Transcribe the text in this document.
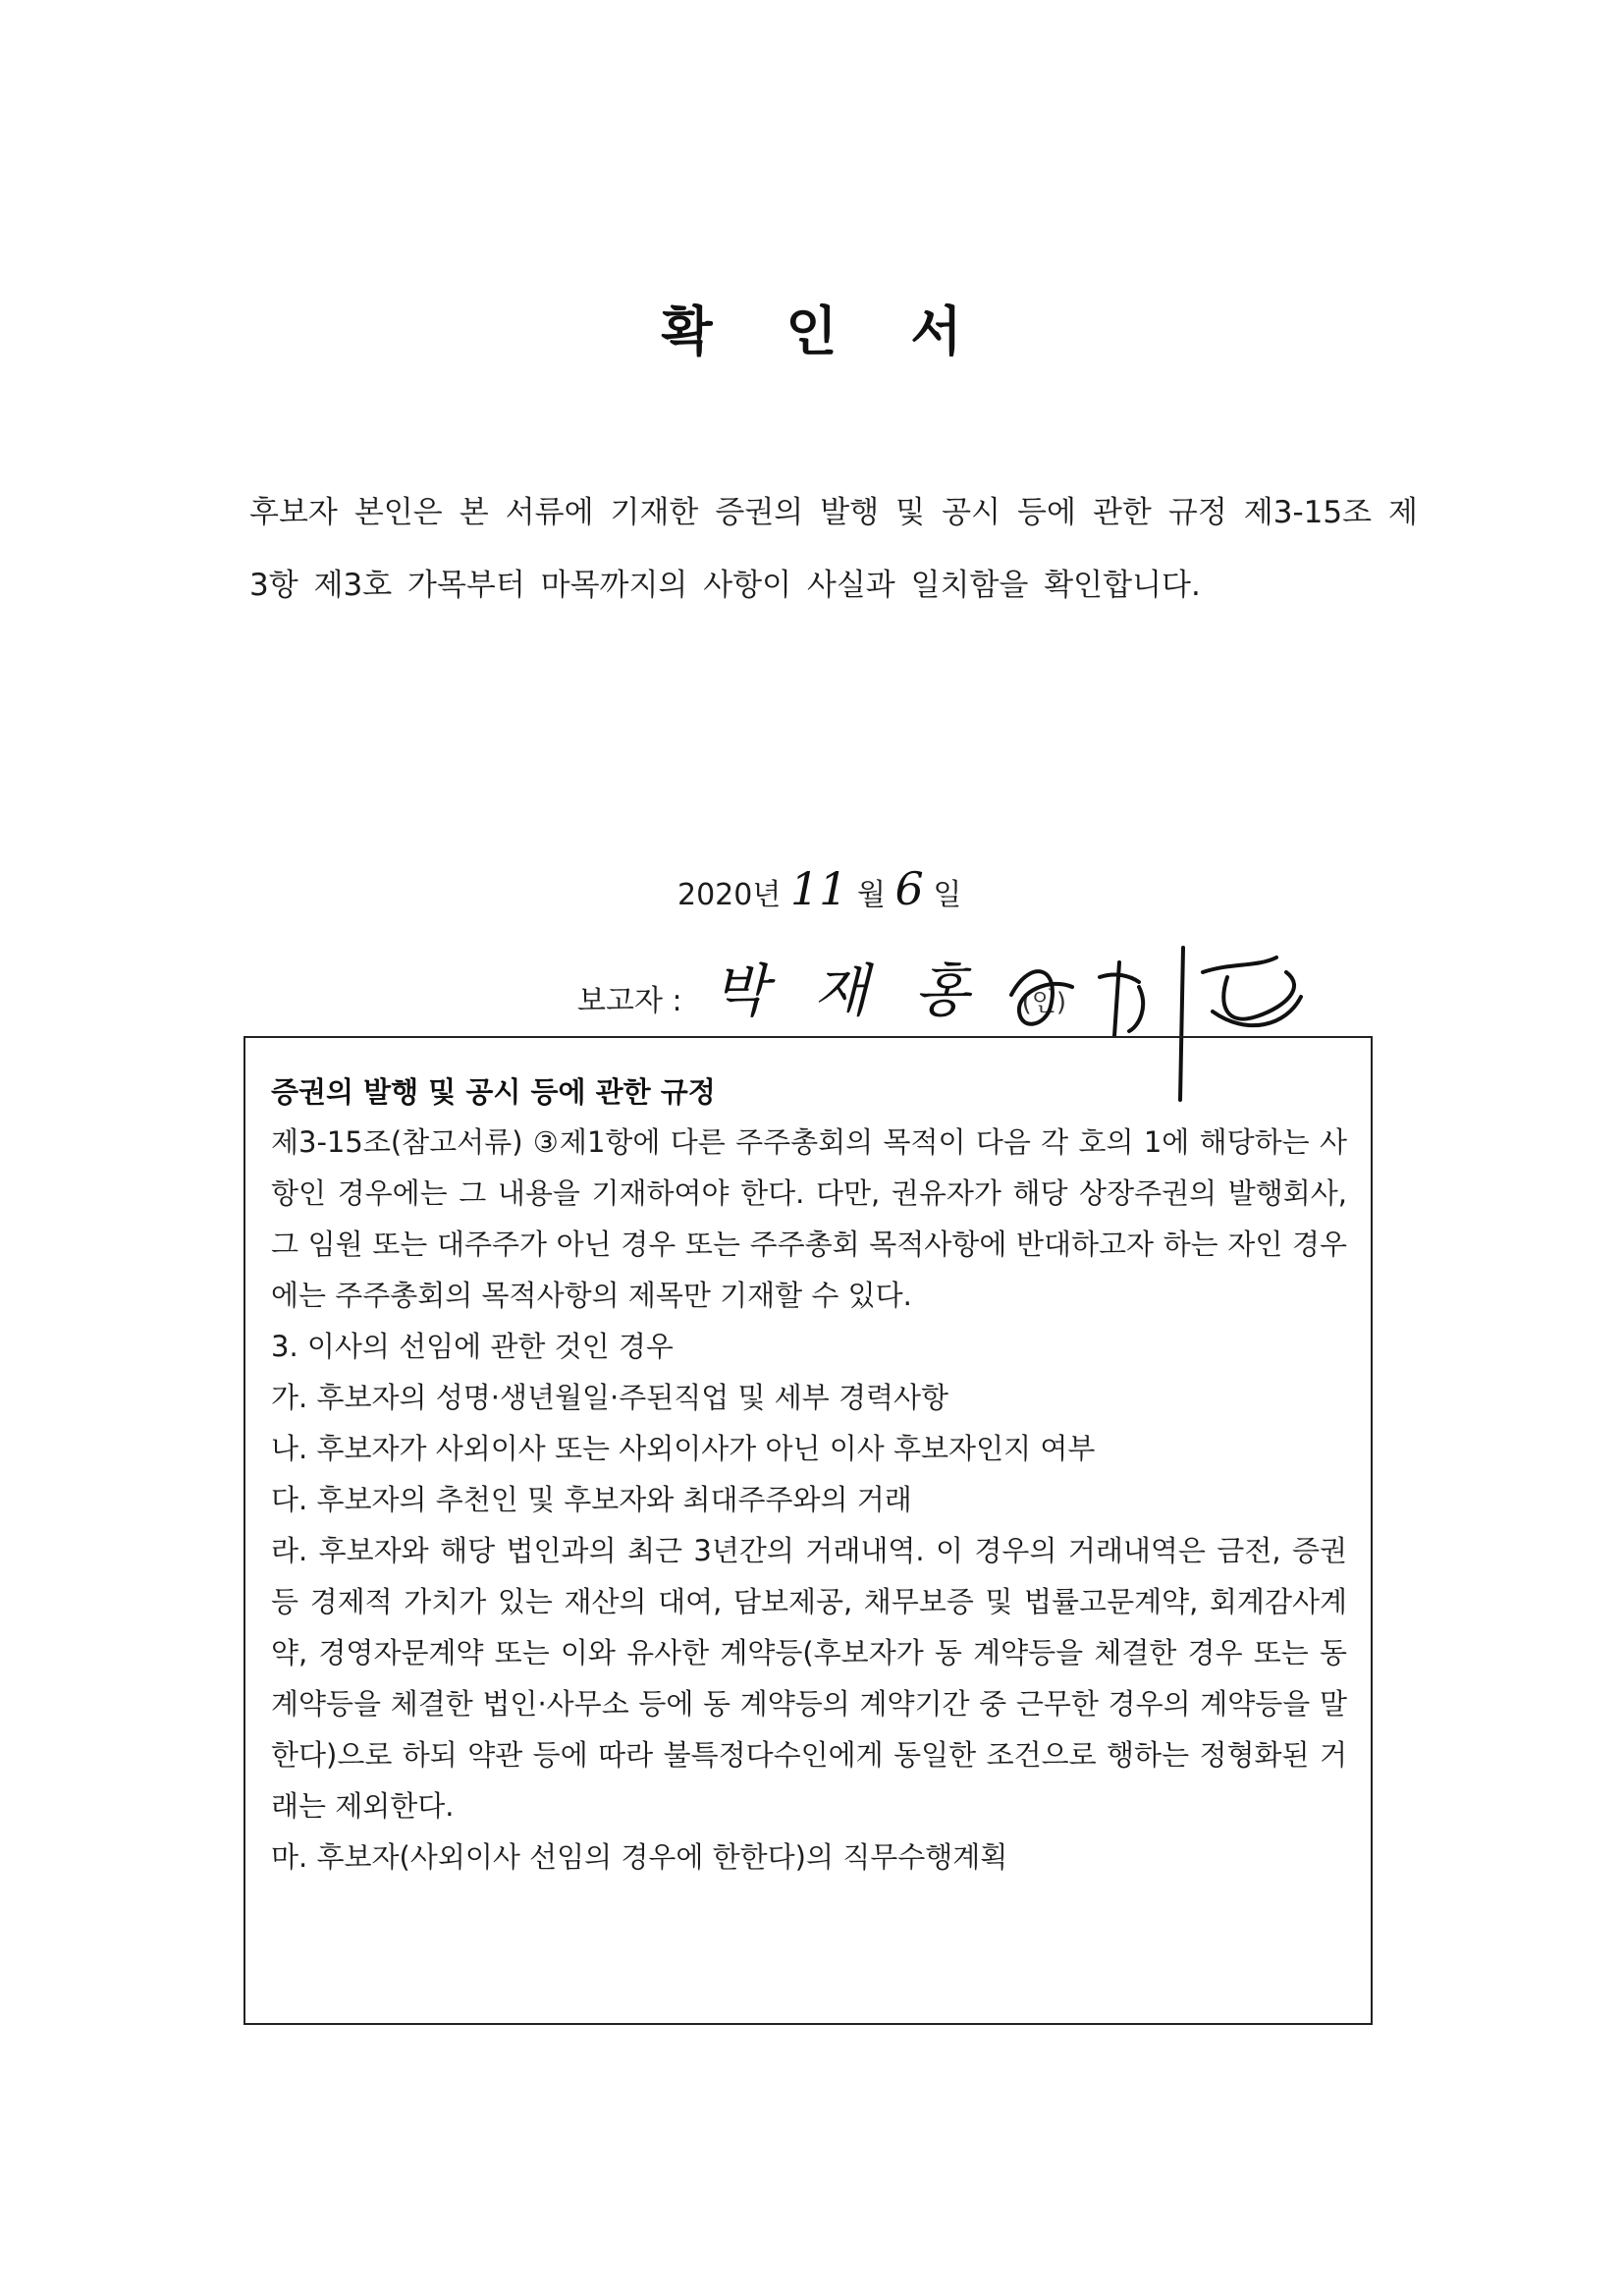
확 인 서
후보자 본인은 본 서류에 기재한 증권의 발행 및 공시 등에 관한 규정 제3-15조 제3항 제3호 가목부터 마목까지의 사항이 사실과 일치함을 확인합니다.
2020년 11 월 6 일
보고자 : 박 재 홍 (인)
증권의 발행 및 공시 등에 관한 규정
제3-15조(참고서류) ③제1항에 다른 주주총회의 목적이 다음 각 호의 1에 해당하는 사항인 경우에는 그 내용을 기재하여야 한다. 다만, 권유자가 해당 상장주권의 발행회사, 그 임원 또는 대주주가 아닌 경우 또는 주주총회 목적사항에 반대하고자 하는 자인 경우에는 주주총회의 목적사항의 제목만 기재할 수 있다.
3. 이사의 선임에 관한 것인 경우
가. 후보자의 성명·생년월일·주된직업 및 세부 경력사항
나. 후보자가 사외이사 또는 사외이사가 아닌 이사 후보자인지 여부
다. 후보자의 추천인 및 후보자와 최대주주와의 거래
라. 후보자와 해당 법인과의 최근 3년간의 거래내역. 이 경우의 거래내역은 금전, 증권 등 경제적 가치가 있는 재산의 대여, 담보제공, 채무보증 및 법률고문계약, 회계감사계약, 경영자문계약 또는 이와 유사한 계약등(후보자가 동 계약등을 체결한 경우 또는 동 계약등을 체결한 법인·사무소 등에 동 계약등의 계약기간 중 근무한 경우의 계약등을 말한다)으로 하되 약관 등에 따라 불특정다수인에게 동일한 조건으로 행하는 정형화된 거래는 제외한다.
마. 후보자(사외이사 선임의 경우에 한한다)의 직무수행계획
